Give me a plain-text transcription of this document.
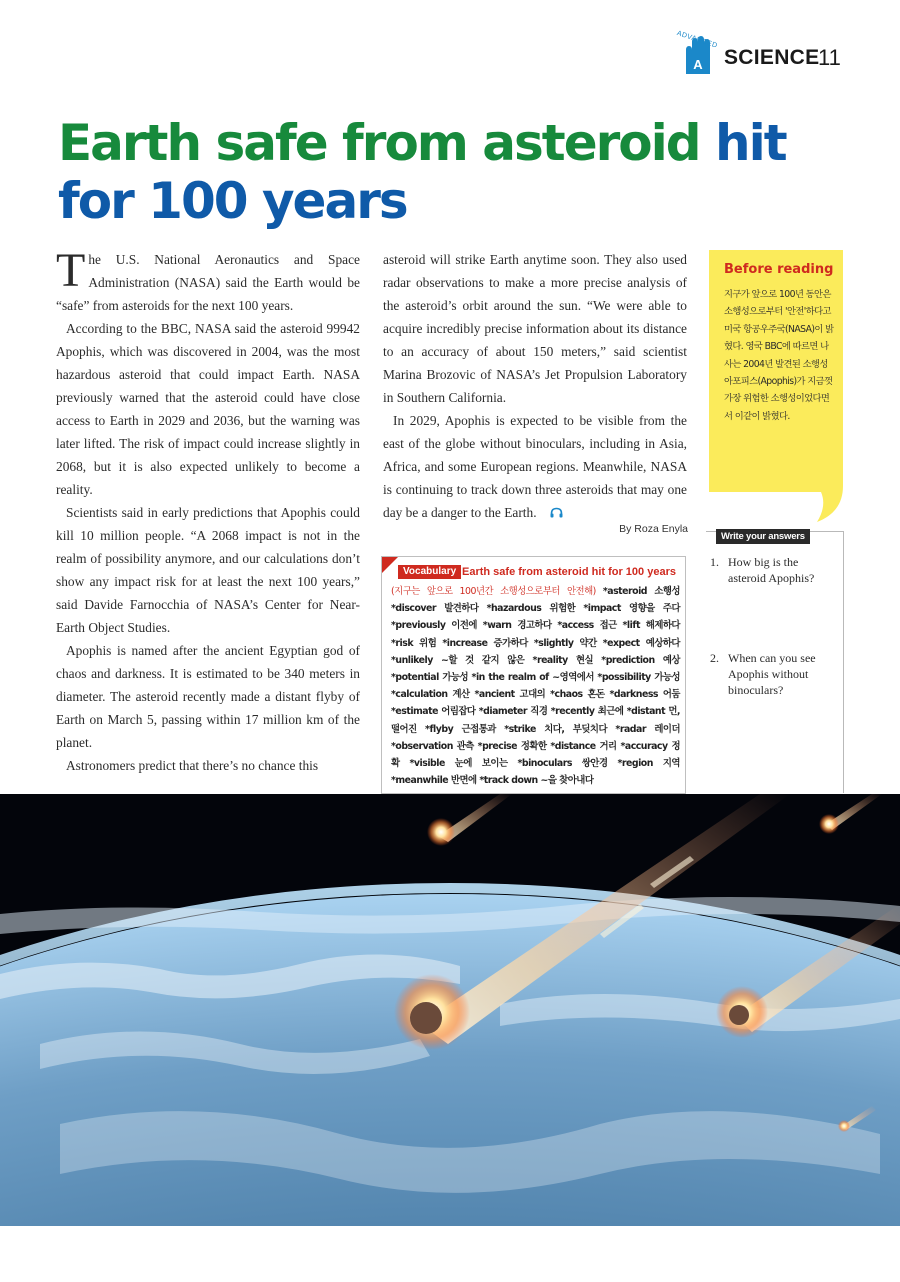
A
ADVANCED
SCIENCE
11
Earth safe from asteroid hit for 100 years

The U.S. National Aeronautics and Space Administration (NASA) said the Earth would be “safe” from asteroids for the next 100 years.

According to the BBC, NASA said the asteroid 99942 Apophis, which was discovered in 2004, was the most hazardous asteroid that could impact Earth. NASA previously warned that the asteroid could have close access to Earth in 2029 and 2036, but the warning was later lifted. The risk of impact could increase slightly in 2068, but it is also expected unlikely to become a reality.

Scientists said in early predictions that Apophis could kill 10 million people. “A 2068 impact is not in the realm of possibility anymore, and our calculations don’t show any impact risk for at least the next 100 years,” said Davide Farnocchia of NASA’s Center for Near-Earth Object Studies.

Apophis is named after the ancient Egyptian god of chaos and darkness. It is estimated to be 340 meters in diameter. The asteroid recently made a distant flyby of Earth on March 5, passing within 17 million km of the planet.

Astronomers predict that there’s no chance this

asteroid will strike Earth anytime soon. They also used radar observations to make a more precise analysis of the asteroid’s orbit around the sun. “We were able to acquire incredibly precise information about its distance to an accuracy of about 150 meters,” said scientist Marina Brozovic of NASA’s Jet Propulsion Laboratory in Southern California.

In 2029, Apophis is expected to be visible from the east of the globe without binoculars, including in Asia, Africa, and some European regions. Meanwhile, NASA is continuing to track down three asteroids that may one day be a danger to the Earth.

By Roza Enyla
Before reading
지구가 앞으로 100년 동안은 소행성으로부터 '안전'하다고 미국 항공우주국(NASA)이 밝혔다. 영국 BBC에 따르면 나사는 2004년 발견된 소행성 아포피스(Apophis)가 지금껏 가장 위험한 소행성이었다면서 이같이 밝혔다.
Write your answers
1. How big is the asteroid Apophis?
2. When can you see Apophis without binoculars?
Vocabulary Earth safe from asteroid hit for 100 years
(지구는 앞으로 100년간 소행성으로부터 안전해) *asteroid 소행성 *discover 발견하다 *hazardous 위험한 *impact 영향을 주다 *previously 이전에 *warn 경고하다 *access 접근 *lift 해제하다 *risk 위험 *increase 증가하다 *slightly 약간 *expect 예상하다 *unlikely ~할 것 같지 않은 *reality 현실 *prediction 예상 *potential 가능성 *in the realm of ~영역에서 *possibility 가능성 *calculation 계산 *ancient 고대의 *chaos 혼돈 *darkness 어둠 *estimate 어림잡다 *diameter 직경 *recently 최근에 *distant 먼, 떨어진 *flyby 근접통과 *strike 치다, 부딪치다 *radar 레이더 *observation 관측 *precise 정확한 *distance 거리 *accuracy 정확 *visible 눈에 보이는 *binoculars 쌍안경 *region 지역 *meanwhile 반면에 *track down ~을 찾아내다
